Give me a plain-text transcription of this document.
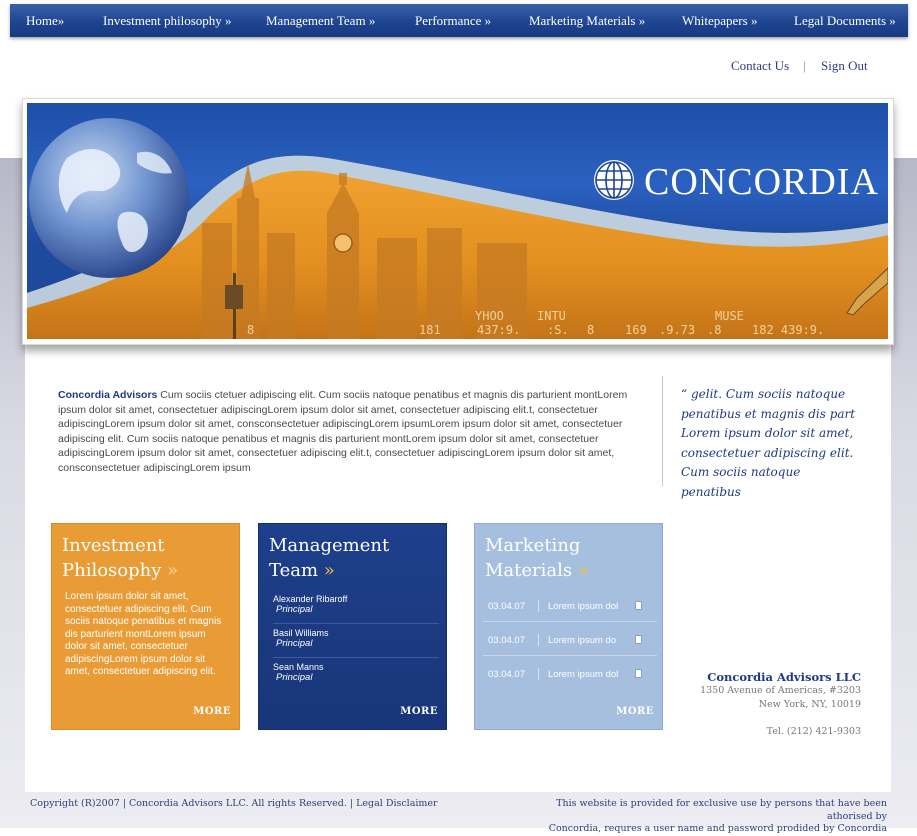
Home»	Investment philosophy »	Management Team »	Performance »	Marketing Materials »	Whitepapers »	Legal Documents »
Contact Us | Sign Out
8	181	437:9.
YHOO	INTU
:S. 8	169 .9.73 .8
MUSE
182 439:9.
CONCORDIA
Concordia Advisors Cum sociis ctetuer adipiscing elit. Cum sociis natoque penatibus et magnis dis parturient montLorem ipsum dolor sit amet, consectetuer adipiscingLorem ipsum dolor sit amet, consectetuer adipiscing elit.t, consectetuer adipiscingLorem ipsum dolor sit amet, consconsectetuer adipiscingLorem ipsumLorem ipsum dolor sit amet, consectetuer adipiscing elit. Cum sociis natoque penatibus et magnis dis parturient montLorem ipsum dolor sit amet, consectetuer adipiscingLorem ipsum dolor sit amet, consectetuer adipiscing elit.t, consectetuer adipiscingLorem ipsum dolor sit amet, consconsectetuer adipiscingLorem ipsum
“ gelit. Cum sociis natoque penatibus et magnis dis part Lorem ipsum dolor sit amet, consectetuer adipiscing elit. Cum sociis natoque penatibus
Investment
Philosophy »
Lorem ipsum dolor sit amet, consectetuer adipiscing elit. Cum sociis natoque penatibus et magnis dis parturient montLorem ipsum dolor sit amet, consectetuer adipiscingLorem ipsum dolor sit amet, consectetuer adipiscing elit.
MORE
Management
Team »
Alexander Ribaroff
Principal
Basil Williams
Principal
Sean Manns
Principal
MORE
Marketing
Materials »
03.04.07 Lorem ipsum dol
03.04.07 Lorem ipsum do
03.04.07 Lorem ipsum dol
MORE
Concordia Advisors LLC
1350 Avenue of Americas, #3203
New York, NY, 10019
Tel. (212) 421-9303
Copyright (R)2007 | Concordia Advisors LLC. All rights Reserved. | Legal Disclaimer	This website is provided for exclusive use by persons that have been athorised by
Concordia, requres a user name and password prodided by Concordia
